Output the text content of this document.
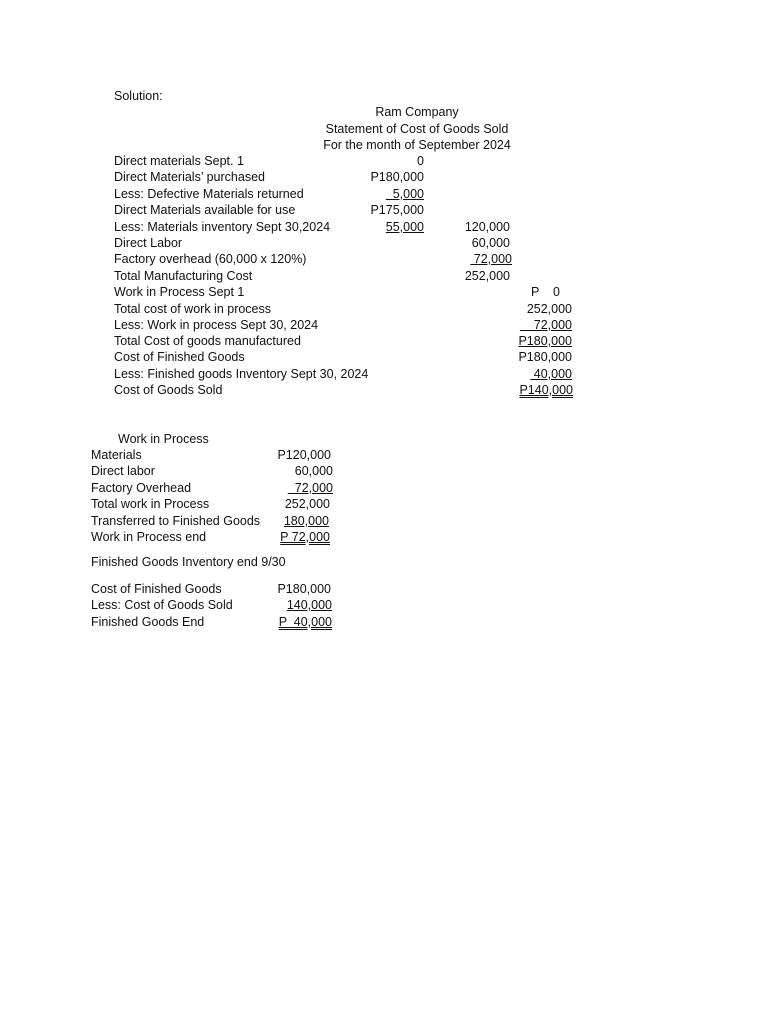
Solution:
Ram Company
Statement of Cost of Goods Sold
For the month of September 2024
Direct materials Sept. 1	0
Direct Materials’ purchased	P180,000
Less: Defective Materials returned	5,000
Direct Materials available for use	P175,000
Less: Materials inventory Sept 30,2024	55,000	120,000
Direct Labor	60,000
Factory overhead (60,000 x 120%)	72,000
Total Manufacturing Cost	252,000
Work in Process Sept 1	P    0
Total cost of work in process	252,000
Less: Work in process Sept 30, 2024	72,000
Total Cost of goods manufactured	P180,000
Cost of Finished Goods	P180,000
Less: Finished goods Inventory Sept 30, 2024	40,000
Cost of Goods Sold	P140,000
Work in Process
Materials	P120,000
Direct labor	60,000
Factory Overhead	72,000
Total work in Process	252,000
Transferred to Finished Goods	180,000
Work in Process end	P 72,000
Finished Goods Inventory end 9/30
Cost of Finished Goods	P180,000
Less: Cost of Goods Sold	140,000
Finished Goods End	P  40,000
